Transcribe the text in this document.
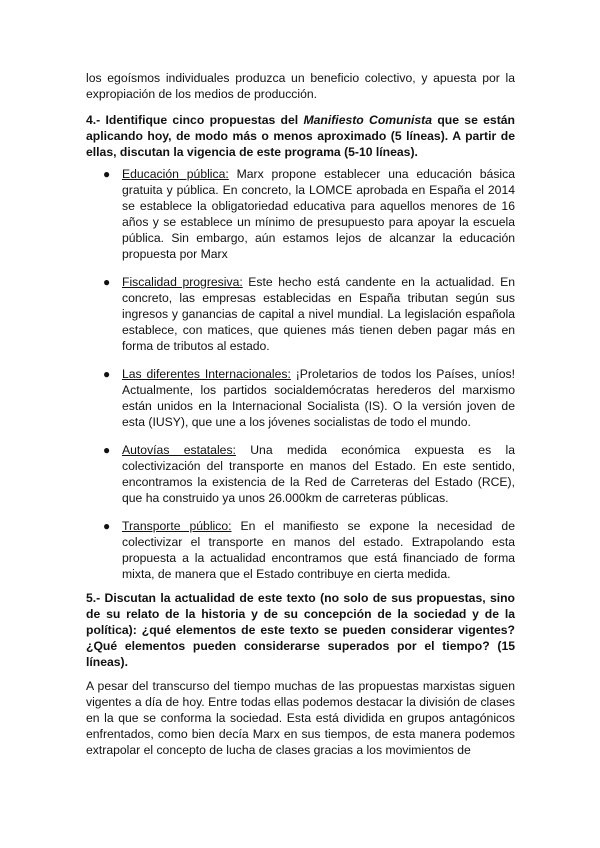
los egoísmos individuales produzca un beneficio colectivo, y apuesta por la expropiación de los medios de producción.

4.- Identifique cinco propuestas del Manifiesto Comunista que se están aplicando hoy, de modo más o menos aproximado (5 líneas). A partir de ellas, discutan la vigencia de este programa (5-10 líneas).

● Educación pública: Marx propone establecer una educación básica gratuita y pública. En concreto, la LOMCE aprobada en España el 2014 se establece la obligatoriedad educativa para aquellos menores de 16 años y se establece un mínimo de presupuesto para apoyar la escuela pública. Sin embargo, aún estamos lejos de alcanzar la educación propuesta por Marx
● Fiscalidad progresiva: Este hecho está candente en la actualidad. En concreto, las empresas establecidas en España tributan según sus ingresos y ganancias de capital a nivel mundial. La legislación española establece, con matices, que quienes más tienen deben pagar más en forma de tributos al estado.
● Las diferentes Internacionales: ¡Proletarios de todos los Países, uníos! Actualmente, los partidos socialdemócratas herederos del marxismo están unidos en la Internacional Socialista (IS). O la versión joven de esta (IUSY), que une a los jóvenes socialistas de todo el mundo.
● Autovías estatales: Una medida económica expuesta es la colectivización del transporte en manos del Estado. En este sentido, encontramos la existencia de la Red de Carreteras del Estado (RCE), que ha construido ya unos 26.000km de carreteras públicas.
● Transporte público: En el manifiesto se expone la necesidad de colectivizar el transporte en manos del estado. Extrapolando esta propuesta a la actualidad encontramos que está financiado de forma mixta, de manera que el Estado contribuye en cierta medida.

5.- Discutan la actualidad de este texto (no solo de sus propuestas, sino de su relato de la historia y de su concepción de la sociedad y de la política): ¿qué elementos de este texto se pueden considerar vigentes? ¿Qué elementos pueden considerarse superados por el tiempo? (15 líneas).

A pesar del transcurso del tiempo muchas de las propuestas marxistas siguen vigentes a día de hoy. Entre todas ellas podemos destacar la división de clases en la que se conforma la sociedad. Esta está dividida en grupos antagónicos enfrentados, como bien decía Marx en sus tiempos, de esta manera podemos extrapolar el concepto de lucha de clases gracias a los movimientos de
